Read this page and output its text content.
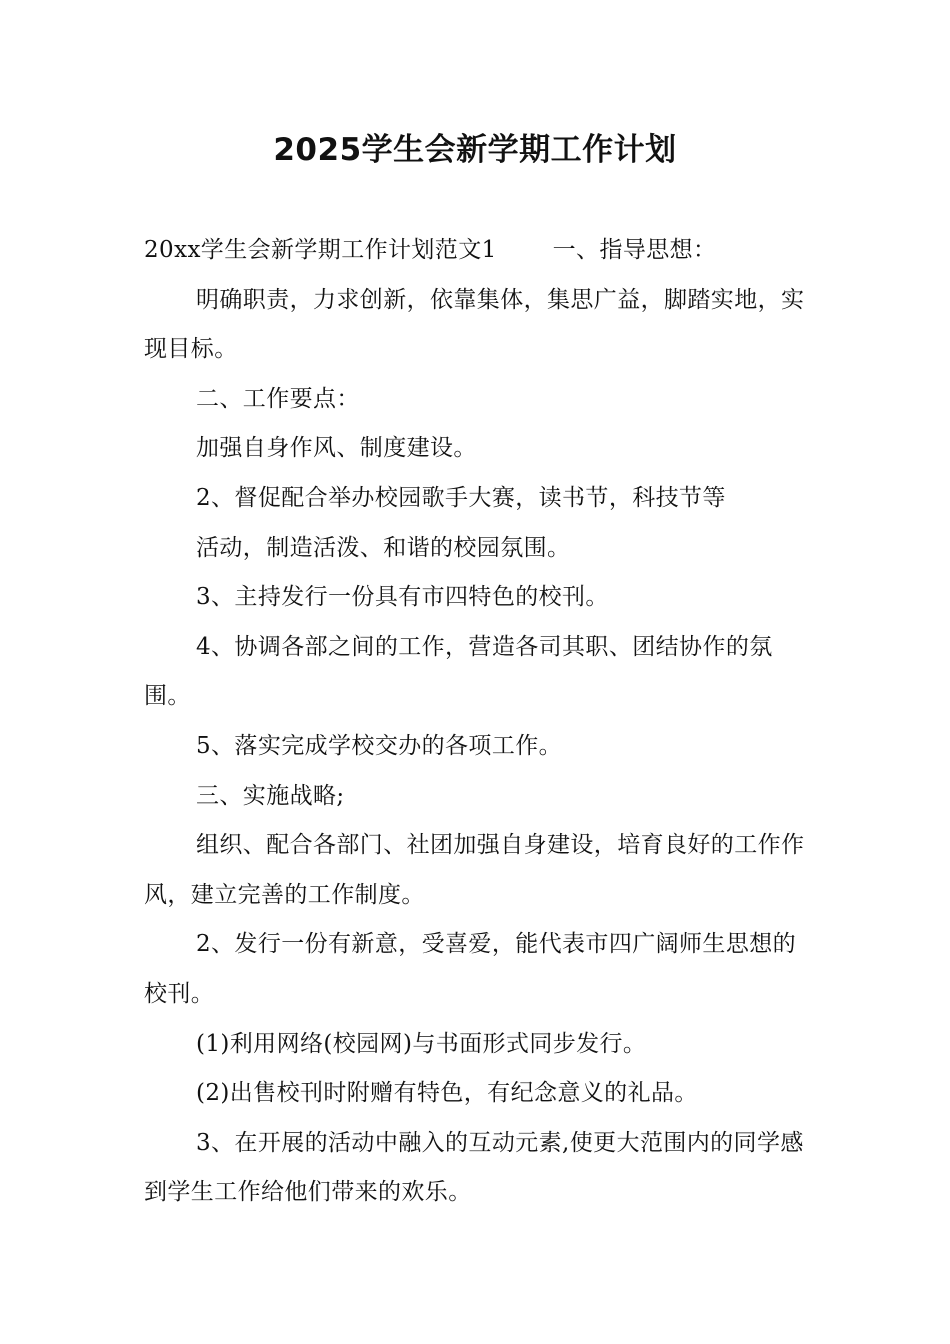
2025学生会新学期工作计划
20xx学生会新学期工作计划范文1 一、指导思想：
明确职责，力求创新，依靠集体，集思广益，脚踏实地，实现目标。
二、工作要点：
加强自身作风、制度建设。
2、督促配合举办校园歌手大赛，读书节，科技节等
活动，制造活泼、和谐的校园氛围。
3、主持发行一份具有市四特色的校刊。
4、协调各部之间的工作，营造各司其职、团结协作的氛围。
5、落实完成学校交办的各项工作。
三、实施战略;
组织、配合各部门、社团加强自身建设，培育良好的工作作风，建立完善的工作制度。
2、发行一份有新意，受喜爱，能代表市四广阔师生思想的校刊。
(1)利用网络(校园网)与书面形式同步发行。
(2)出售校刊时附赠有特色，有纪念意义的礼品。
3、在开展的活动中融入的互动元素,使更大范围内的同学感到学生工作给他们带来的欢乐。
